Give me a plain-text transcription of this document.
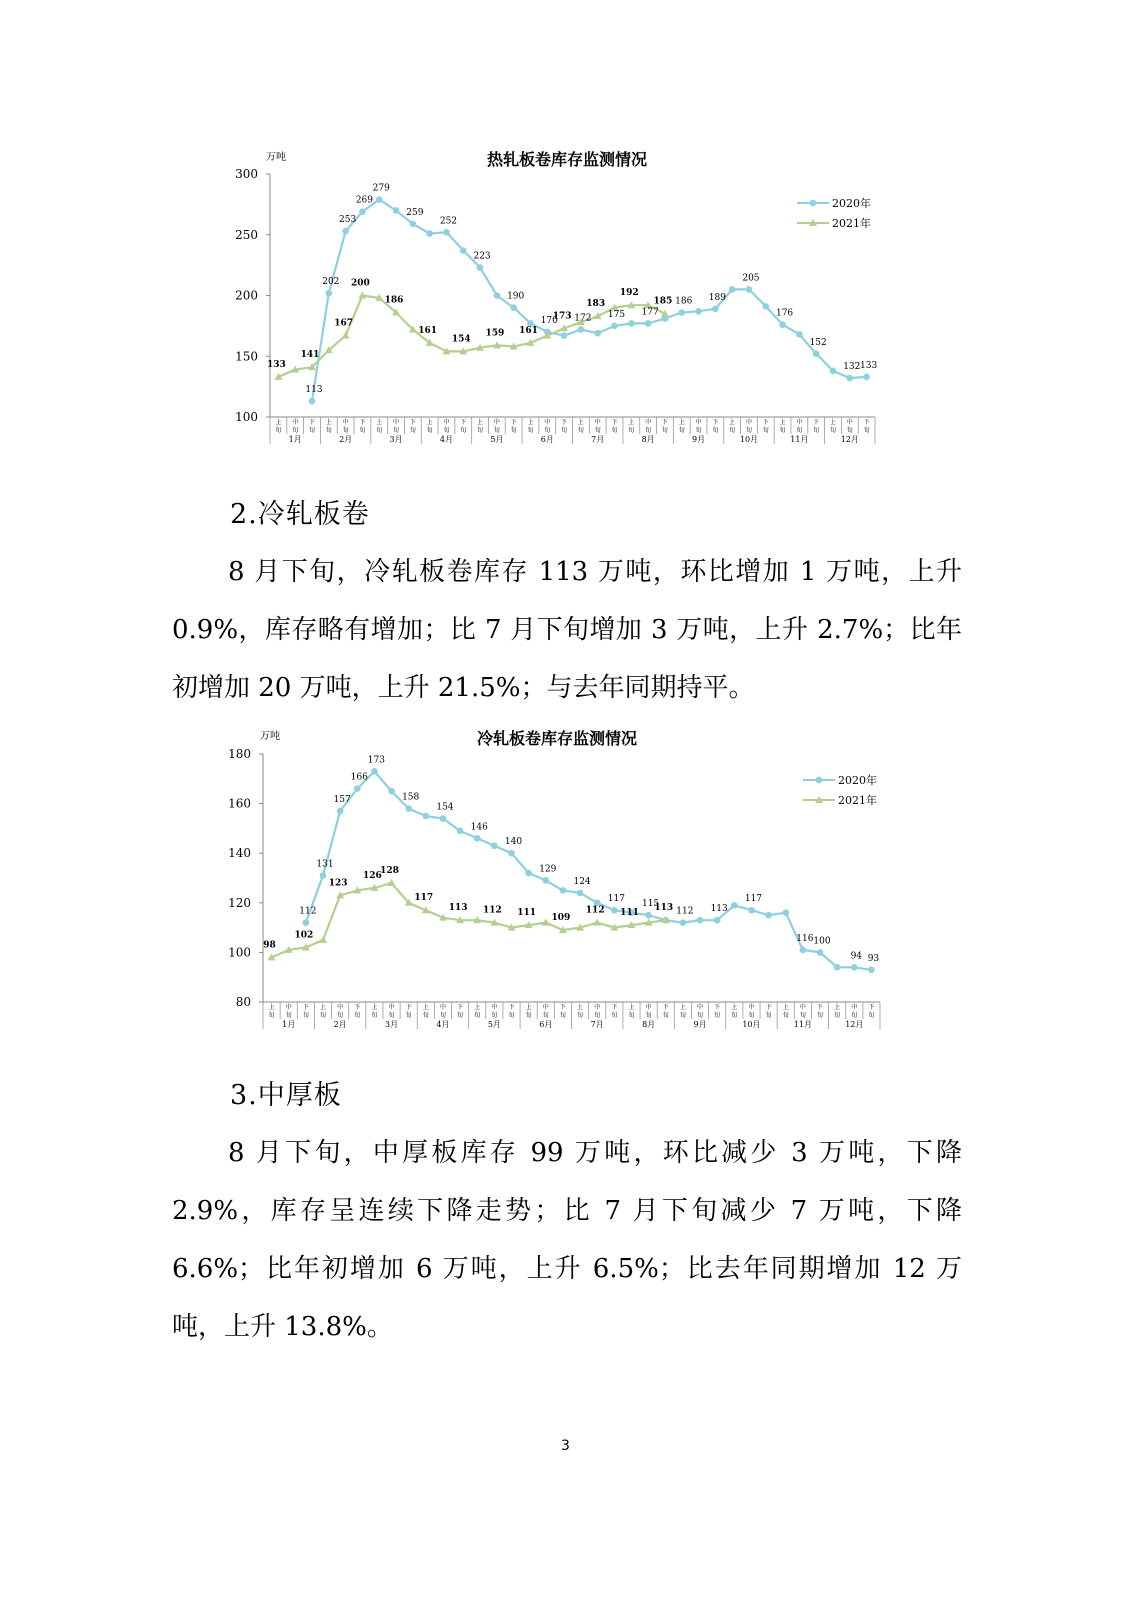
热轧板卷库存监测情况
万吨
100
150
200
250
300
上
旬
中
旬
下
旬
上
旬
中
旬
下
旬
上
旬
中
旬
下
旬
上
旬
中
旬
下
旬
上
旬
中
旬
下
旬
上
旬
中
旬
下
旬
上
旬
中
旬
下
旬
上
旬
中
旬
下
旬
上
旬
中
旬
下
旬
上
旬
中
旬
下
旬
上
旬
中
旬
下
旬
上
旬
中
旬
下
旬
1月	2月	3月	4月	5月	6月	7月	8月	9月	10月	11月	12月
113
202
253
269
279
259
252
223
190
170 172 175 177
186 189
205
176
152
132 133
133
141
167
200
186
161
154
159 161
173
183
192
185
2020年
2021年
2.冷轧板卷
8 月下旬，冷轧板卷库存 113 万吨，环比增加 1 万吨，上升 0.9%，库存略有增加；比 7 月下旬增加 3 万吨，上升 2.7%；比年初增加 20 万吨，上升 21.5%；与去年同期持平。
冷轧板卷库存监测情况
万吨
80
100
120
140
160
180
上
旬
中
旬
下
旬
上
旬
中
旬
下
旬
上
旬
中
旬
下
旬
上
旬
中
旬
下
旬
上
旬
中
旬
下
旬
上
旬
中
旬
下
旬
上
旬
中
旬
下
旬
上
旬
中
旬
下
旬
上
旬
中
旬
下
旬
上
旬
中
旬
下
旬
上
旬
中
旬
下
旬
上
旬
中
旬
下
旬
1月	2月	3月	4月	5月	6月	7月	8月	9月	10月	11月	12月
112
131
157
166
173
158
154
146
140
129
124
117 115
112 113
117
116 100
94 93
98
102
123
126
128
117
113 112 111 109
112 111 113
2020年
2021年
3.中厚板
8 月下旬，中厚板库存 99 万吨，环比减少 3 万吨，下降 2.9%，库存呈连续下降走势；比 7 月下旬减少 7 万吨，下降 6.6%；比年初增加 6 万吨，上升 6.5%；比去年同期增加 12 万吨，上升 13.8%。
3
